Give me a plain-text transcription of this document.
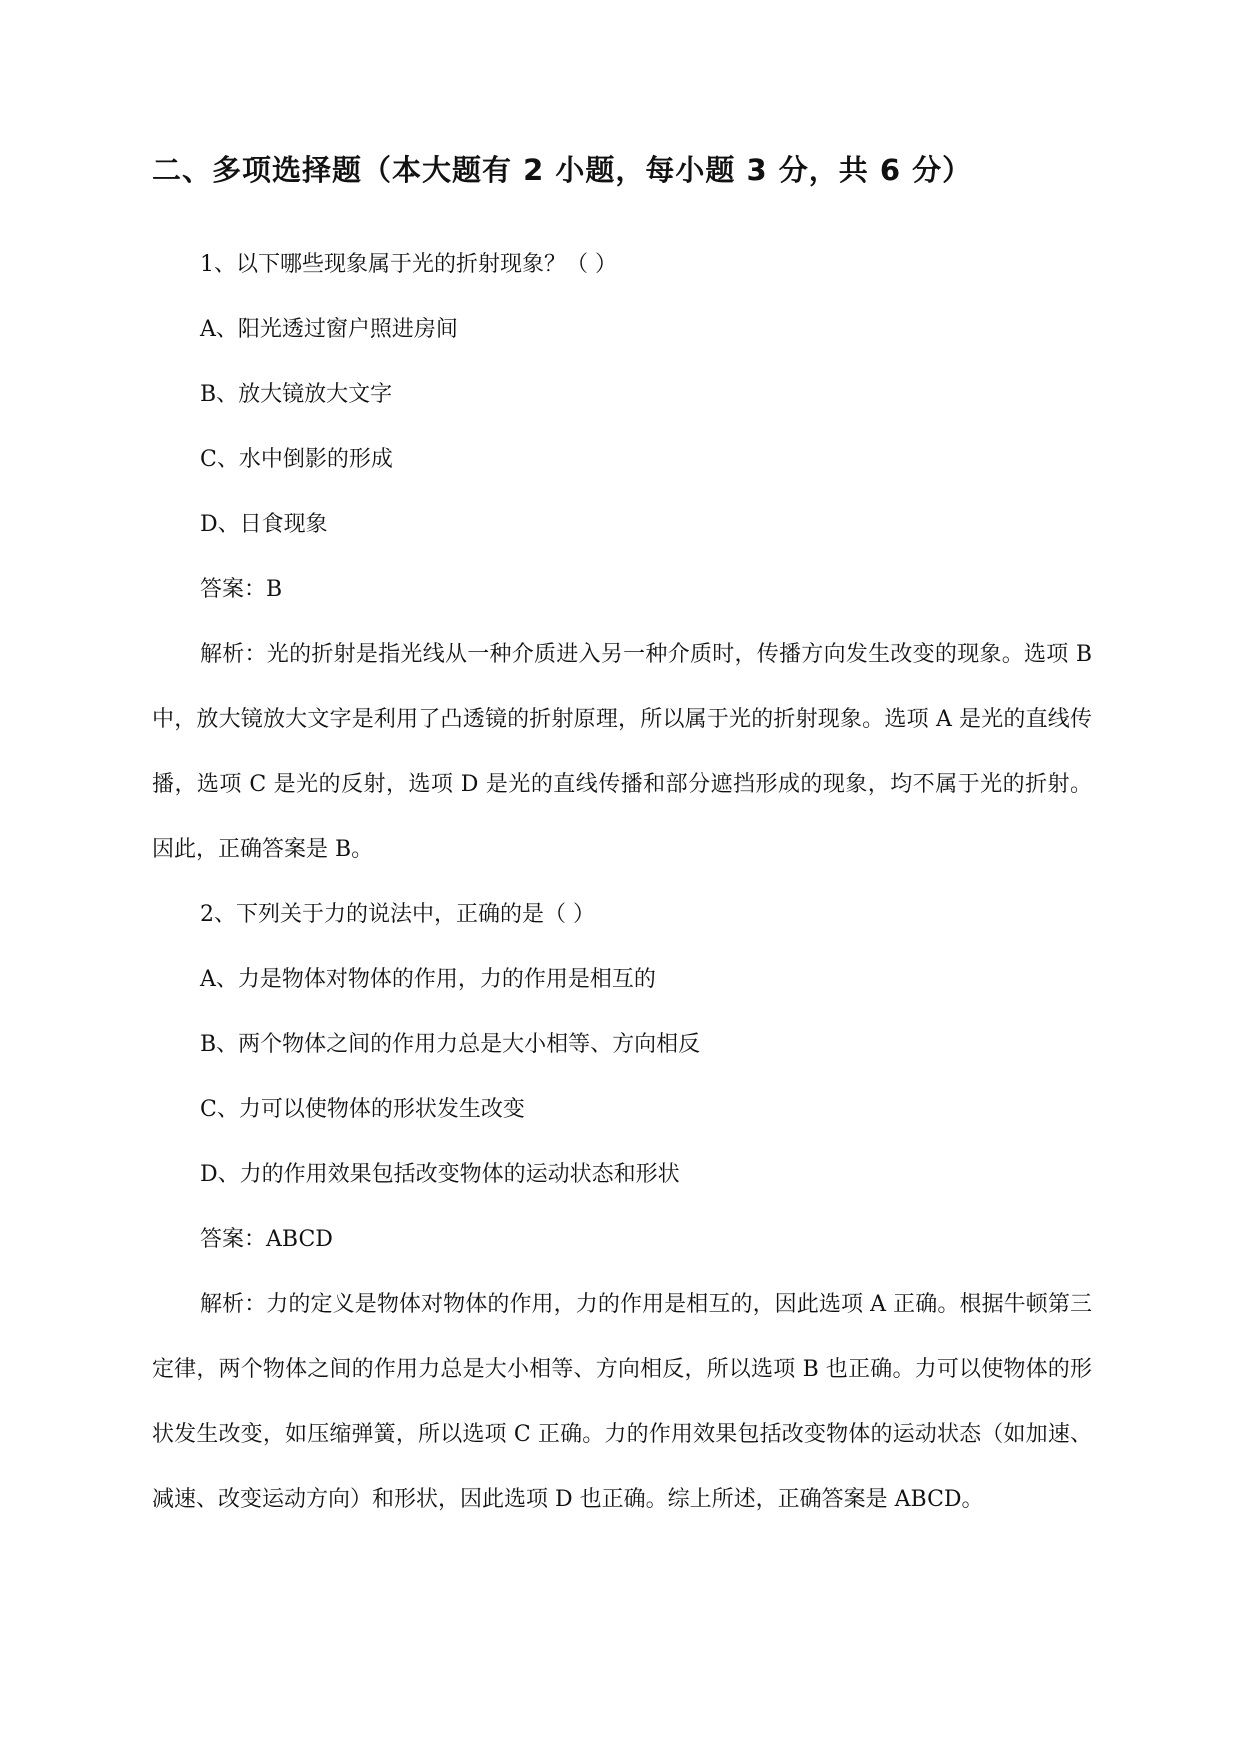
二、多项选择题（本大题有 2 小题，每小题 3 分，共 6 分）

1、以下哪些现象属于光的折射现象？（ ）

A、阳光透过窗户照进房间

B、放大镜放大文字

C、水中倒影的形成

D、日食现象

答案：B

解析：光的折射是指光线从一种介质进入另一种介质时，传播方向发生改变的现象。选项 B 中，放大镜放大文字是利用了凸透镜的折射原理，所以属于光的折射现象。选项 A 是光的直线传播，选项 C 是光的反射，选项 D 是光的直线传播和部分遮挡形成的现象，均不属于光的折射。因此，正确答案是 B。

2、下列关于力的说法中，正确的是（ ）

A、力是物体对物体的作用，力的作用是相互的

B、两个物体之间的作用力总是大小相等、方向相反

C、力可以使物体的形状发生改变

D、力的作用效果包括改变物体的运动状态和形状

答案：ABCD

解析：力的定义是物体对物体的作用，力的作用是相互的，因此选项 A 正确。根据牛顿第三定律，两个物体之间的作用力总是大小相等、方向相反，所以选项 B 也正确。力可以使物体的形状发生改变，如压缩弹簧，所以选项 C 正确。力的作用效果包括改变物体的运动状态（如加速、减速、改变运动方向）和形状，因此选项 D 也正确。综上所述，正确答案是 ABCD。
